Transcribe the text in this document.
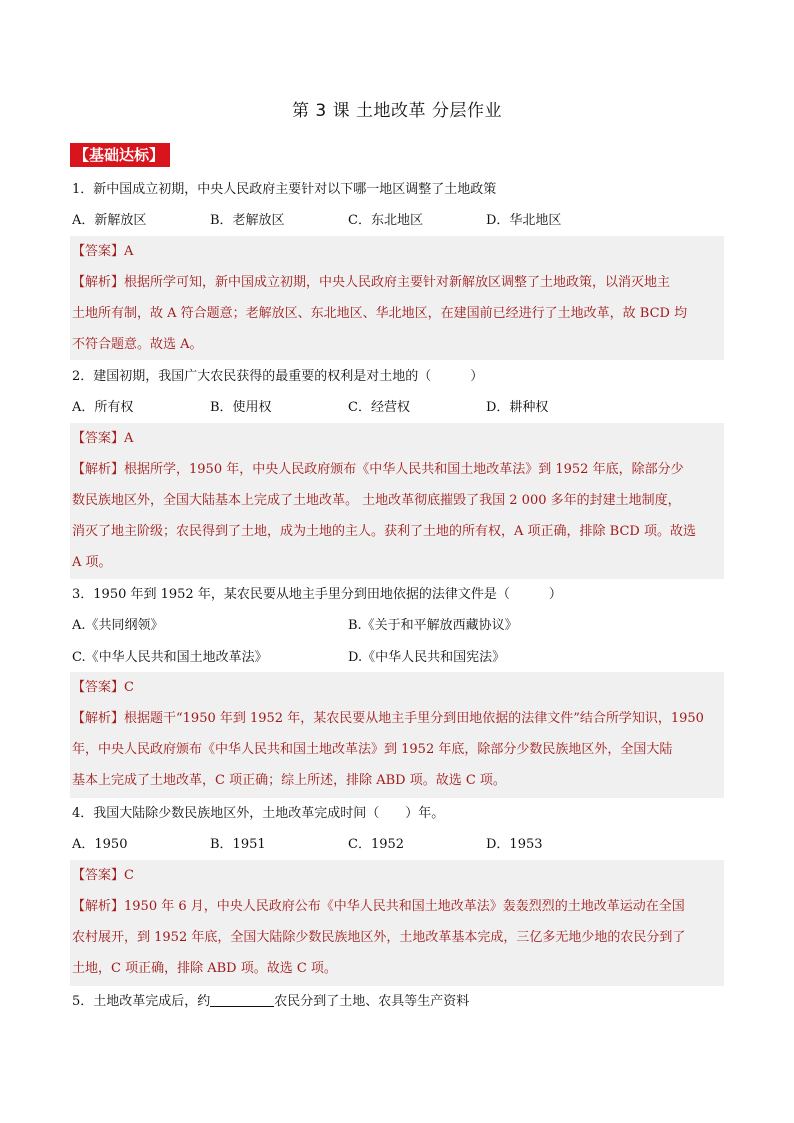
第 3 课 土地改革 分层作业
【基础达标】
1．新中国成立初期，中央人民政府主要针对以下哪一地区调整了土地政策
A．新解放区	B．老解放区	C．东北地区	D．华北地区
【答案】A
【解析】根据所学可知，新中国成立初期，中央人民政府主要针对新解放区调整了土地政策，以消灭地主
土地所有制，故 A 符合题意；老解放区、东北地区、华北地区，在建国前已经进行了土地改革，故 BCD 均
不符合题意。故选 A。
2．建国初期，我国广大农民获得的最重要的权利是对土地的（　　　）
A．所有权	B．使用权	C．经营权	D．耕种权
【答案】A
【解析】根据所学，1950 年，中央人民政府颁布《中华人民共和国土地改革法》到 1952 年底，除部分少
数民族地区外，全国大陆基本上完成了土地改革。 土地改革彻底摧毁了我国 2 000 多年的封建土地制度，
消灭了地主阶级；农民得到了土地，成为土地的主人。获利了土地的所有权，A 项正确，排除 BCD 项。故选
A 项。
3．1950 年到 1952 年，某农民要从地主手里分到田地依据的法律文件是（　　　）
A.《共同纲领》	B.《关于和平解放西藏协议》
C.《中华人民共和国土地改革法》	D.《中华人民共和国宪法》
【答案】C
【解析】根据题干“1950 年到 1952 年，某农民要从地主手里分到田地依据的法律文件”结合所学知识，1950
年，中央人民政府颁布《中华人民共和国土地改革法》到 1952 年底，除部分少数民族地区外，全国大陆
基本上完成了土地改革，C 项正确；综上所述，排除 ABD 项。故选 C 项。
4．我国大陆除少数民族地区外，土地改革完成时间（　　）年。
A．1950	B．1951	C．1952	D．1953
【答案】C
【解析】1950 年 6 月，中央人民政府公布《中华人民共和国土地改革法》轰轰烈烈的土地改革运动在全国
农村展开，到 1952 年底，全国大陆除少数民族地区外，土地改革基本完成，三亿多无地少地的农民分到了
土地，C 项正确，排除 ABD 项。故选 C 项。
5．土地改革完成后，约	农民分到了土地、农具等生产资料
